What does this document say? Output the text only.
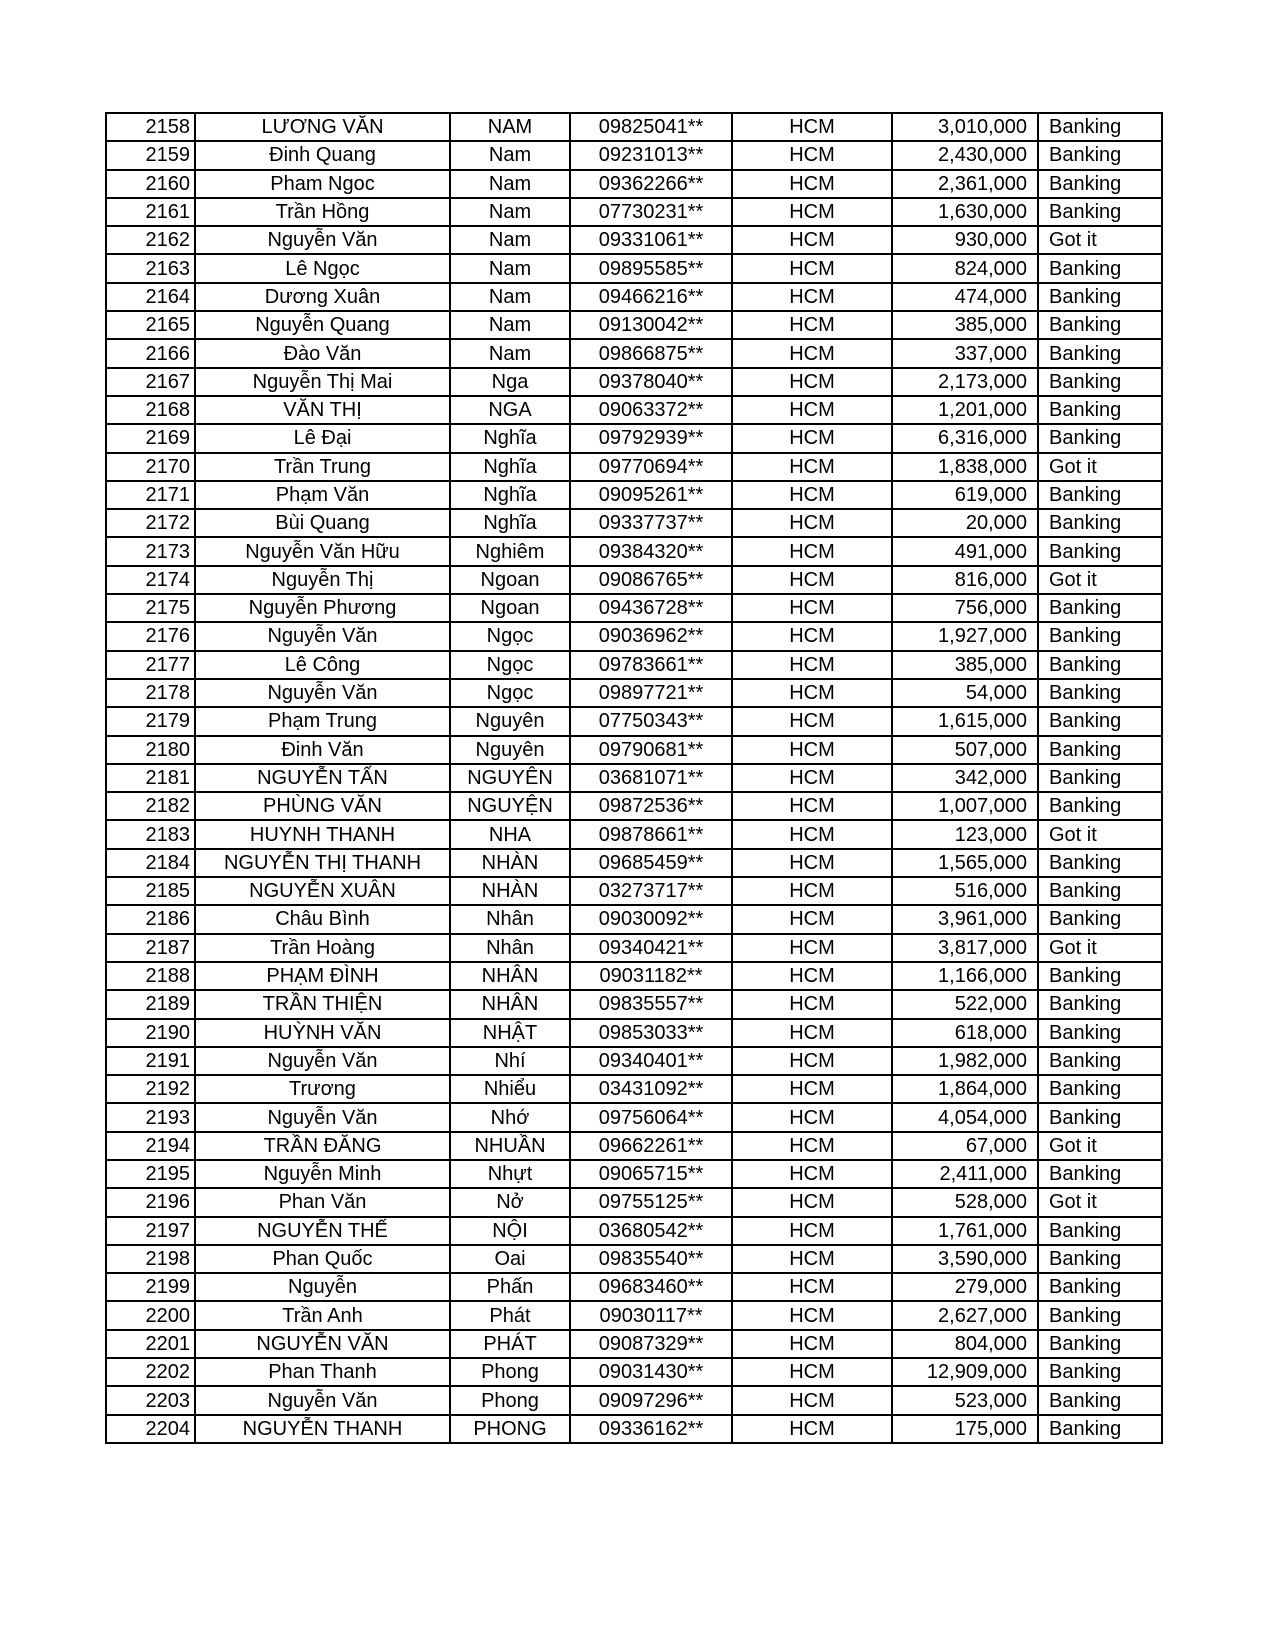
2158	LƯƠNG VĂN	NAM	09825041**	HCM	3,010,000	Banking
2159	Đinh Quang	Nam	09231013**	HCM	2,430,000	Banking
2160	Pham Ngoc	Nam	09362266**	HCM	2,361,000	Banking
2161	Trần Hồng	Nam	07730231**	HCM	1,630,000	Banking
2162	Nguyễn Văn	Nam	09331061**	HCM	930,000	Got it
2163	Lê Ngọc	Nam	09895585**	HCM	824,000	Banking
2164	Dương Xuân	Nam	09466216**	HCM	474,000	Banking
2165	Nguyễn Quang	Nam	09130042**	HCM	385,000	Banking
2166	Đào Văn	Nam	09866875**	HCM	337,000	Banking
2167	Nguyễn Thị Mai	Nga	09378040**	HCM	2,173,000	Banking
2168	VĂN THỊ	NGA	09063372**	HCM	1,201,000	Banking
2169	Lê Đại	Nghĩa	09792939**	HCM	6,316,000	Banking
2170	Trần Trung	Nghĩa	09770694**	HCM	1,838,000	Got it
2171	Phạm Văn	Nghĩa	09095261**	HCM	619,000	Banking
2172	Bùi Quang	Nghĩa	09337737**	HCM	20,000	Banking
2173	Nguyễn Văn Hữu	Nghiêm	09384320**	HCM	491,000	Banking
2174	Nguyễn Thị	Ngoan	09086765**	HCM	816,000	Got it
2175	Nguyễn Phương	Ngoan	09436728**	HCM	756,000	Banking
2176	Nguyễn Văn	Ngọc	09036962**	HCM	1,927,000	Banking
2177	Lê Công	Ngọc	09783661**	HCM	385,000	Banking
2178	Nguyễn Văn	Ngọc	09897721**	HCM	54,000	Banking
2179	Phạm Trung	Nguyên	07750343**	HCM	1,615,000	Banking
2180	Đinh Văn	Nguyên	09790681**	HCM	507,000	Banking
2181	NGUYỄN TẤN	NGUYÊN	03681071**	HCM	342,000	Banking
2182	PHÙNG VĂN	NGUYỆN	09872536**	HCM	1,007,000	Banking
2183	HUYNH THANH	NHA	09878661**	HCM	123,000	Got it
2184	NGUYỄN THỊ THANH	NHÀN	09685459**	HCM	1,565,000	Banking
2185	NGUYỄN XUÂN	NHÀN	03273717**	HCM	516,000	Banking
2186	Châu Bình	Nhân	09030092**	HCM	3,961,000	Banking
2187	Trần Hoàng	Nhân	09340421**	HCM	3,817,000	Got it
2188	PHẠM ĐÌNH	NHÂN	09031182**	HCM	1,166,000	Banking
2189	TRẦN THIỆN	NHÂN	09835557**	HCM	522,000	Banking
2190	HUỲNH VĂN	NHẬT	09853033**	HCM	618,000	Banking
2191	Nguyễn Văn	Nhí	09340401**	HCM	1,982,000	Banking
2192	Trương	Nhiểu	03431092**	HCM	1,864,000	Banking
2193	Nguyễn Văn	Nhớ	09756064**	HCM	4,054,000	Banking
2194	TRẦN ĐĂNG	NHUẦN	09662261**	HCM	67,000	Got it
2195	Nguyễn Minh	Nhựt	09065715**	HCM	2,411,000	Banking
2196	Phan Văn	Nở	09755125**	HCM	528,000	Got it
2197	NGUYỄN THẾ	NỘI	03680542**	HCM	1,761,000	Banking
2198	Phan Quốc	Oai	09835540**	HCM	3,590,000	Banking
2199	Nguyễn	Phấn	09683460**	HCM	279,000	Banking
2200	Trần Anh	Phát	09030117**	HCM	2,627,000	Banking
2201	NGUYỄN VĂN	PHÁT	09087329**	HCM	804,000	Banking
2202	Phan Thanh	Phong	09031430**	HCM	12,909,000	Banking
2203	Nguyễn Văn	Phong	09097296**	HCM	523,000	Banking
2204	NGUYỄN THANH	PHONG	09336162**	HCM	175,000	Banking
